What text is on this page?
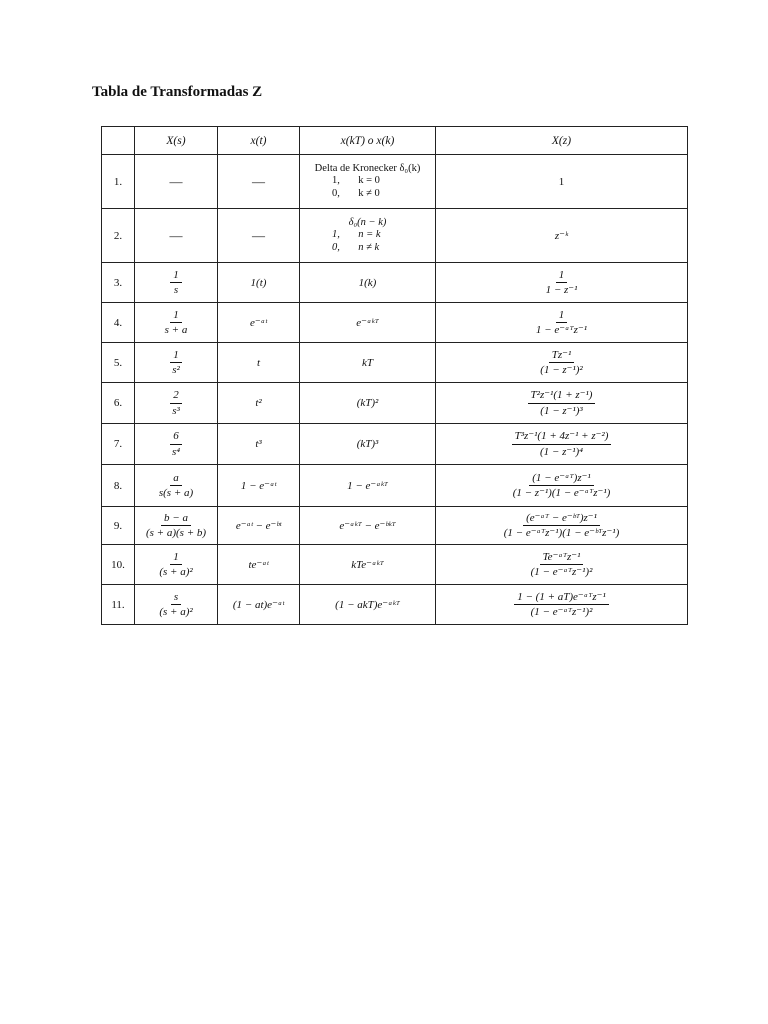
Tabla de Transformadas Z
	X(s)	x(t)	x(kT) o x(k)	X(z)
1.	—	—	Delta de Kronecker δ₀(k)
1,       k = 0
0,       k ≠ 0	1
2.	—	—	δ₀(n − k)
1,       n = k
0,       n ≠ k	z⁻ᵏ
3.	$\frac{1}{s}$	1(t)	1(k)	$\frac{1}{\text{1 − z⁻¹}}$

4.	$\frac{1}{s + a}$	e⁻ᵃᵗ	e⁻ᵃᵏᵀ	1
1 − e⁻ᵃᵀz⁻¹

5.	$\frac{1}{\text{s²}}$	t	kT	$\frac{\text{Tz⁻¹}}{\text{(1 − z⁻¹)²}}$

6.	$\frac{2}{\text{s³}}$	t²	(kT)²	$\frac{\text{T²z⁻¹(1 + z⁻¹)}}{\text{(1 − z⁻¹)³}}$

7.	$\frac{6}{\text{s⁴}}$	t³	(kT)³	$\frac{\text{T³z⁻¹(1 + 4z⁻¹ + z⁻²)}}{\text{(1 − z⁻¹)⁴}}$

8.	$\frac{a}{s(s + a)}$	1 − e⁻ᵃᵗ	1 − e⁻ᵃᵏᵀ	(1 − e⁻ᵃᵀ)z⁻¹
(1 − z⁻¹)(1 − e⁻ᵃᵀz⁻¹)

9.	$\frac{b - a}{(s + a)(s + b)}$	e⁻ᵃᵗ − e⁻ᵇᵗ	e⁻ᵃᵏᵀ − e⁻ᵇᵏᵀ	(e⁻ᵃᵀ − e⁻ᵇᵀ)z⁻¹
(1 − e⁻ᵃᵀz⁻¹)(1 − e⁻ᵇᵀz⁻¹)

10.	$\frac{1}{\text{(s + a)²}}$	te⁻ᵃᵗ	kTe⁻ᵃᵏᵀ	Te⁻ᵃᵀz⁻¹
(1 − e⁻ᵃᵀz⁻¹)²

11.	$\frac{s}{\text{(s + a)²}}$	(1 − at)e⁻ᵃᵗ	(1 − akT)e⁻ᵃᵏᵀ	1 − (1 + aT)e⁻ᵃᵀz⁻¹
(1 − e⁻ᵃᵀz⁻¹)²
